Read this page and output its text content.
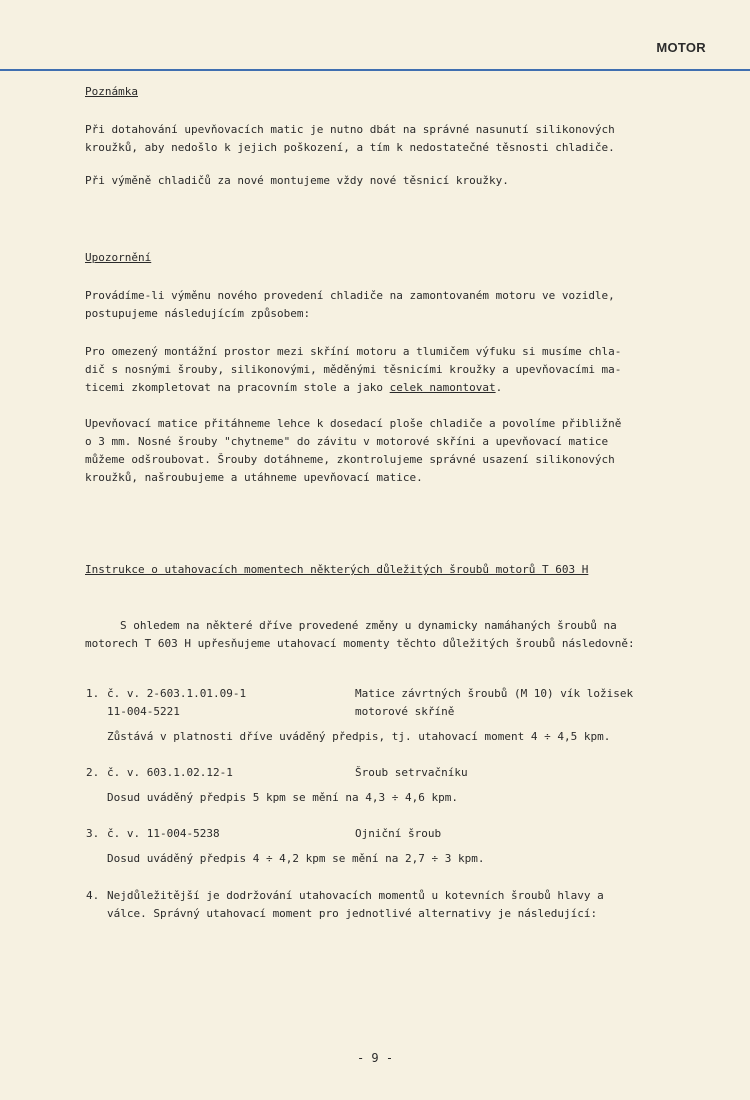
MOTOR
Poznámka
Při dotahování upevňovacích matic je nutno dbát na správné nasunutí silikonových
kroužků, aby nedošlo k jejich poškození, a tím k nedostatečné těsnosti chladiče.
Při výměně chladičů za nové montujeme vždy nové těsnicí kroužky.
Upozornění
Provádíme-li výměnu nového provedení chladiče na zamontovaném motoru ve vozidle,
postupujeme následujícím způsobem:
Pro omezený montážní prostor mezi skříní motoru a tlumičem výfuku si musíme chla-
dič s nosnými šrouby, silikonovými, měděnými těsnicími kroužky a upevňovacími ma-
ticemi zkompletovat na pracovním stole a jako celek namontovat.
Upevňovací matice přitáhneme lehce k dosedací ploše chladiče a povolíme přibližně
o 3 mm. Nosné šrouby "chytneme" do závitu v motorové skříni a upevňovací matice
můžeme odšroubovat. Šrouby dotáhneme, zkontrolujeme správné usazení silikonových
kroužků, našroubujeme a utáhneme upevňovací matice.
Instrukce o utahovacích momentech některých důležitých šroubů motorů T 603 H
S ohledem na některé dříve provedené změny u dynamicky namáhaných šroubů na
motorech T 603 H upřesňujeme utahovací momenty těchto důležitých šroubů následovně:
1. č. v. 2-603.1.01.09-1	Matice závrtných šroubů (M 10) vík ložisek
11-004-5221	motorové skříně
Zůstává v platnosti dříve uváděný předpis, tj. utahovací moment 4 ÷ 4,5 kpm.
2. č. v. 603.1.02.12-1	Šroub setrvačníku
Dosud uváděný předpis 5 kpm se mění na 4,3 ÷ 4,6 kpm.
3. č. v. 11-004-5238	Ojniční šroub
Dosud uváděný předpis 4 ÷ 4,2 kpm se mění na 2,7 ÷ 3 kpm.
4. Nejdůležitější je dodržování utahovacích momentů u kotevních šroubů hlavy a
válce. Správný utahovací moment pro jednotlivé alternativy je následující:
- 9 -
